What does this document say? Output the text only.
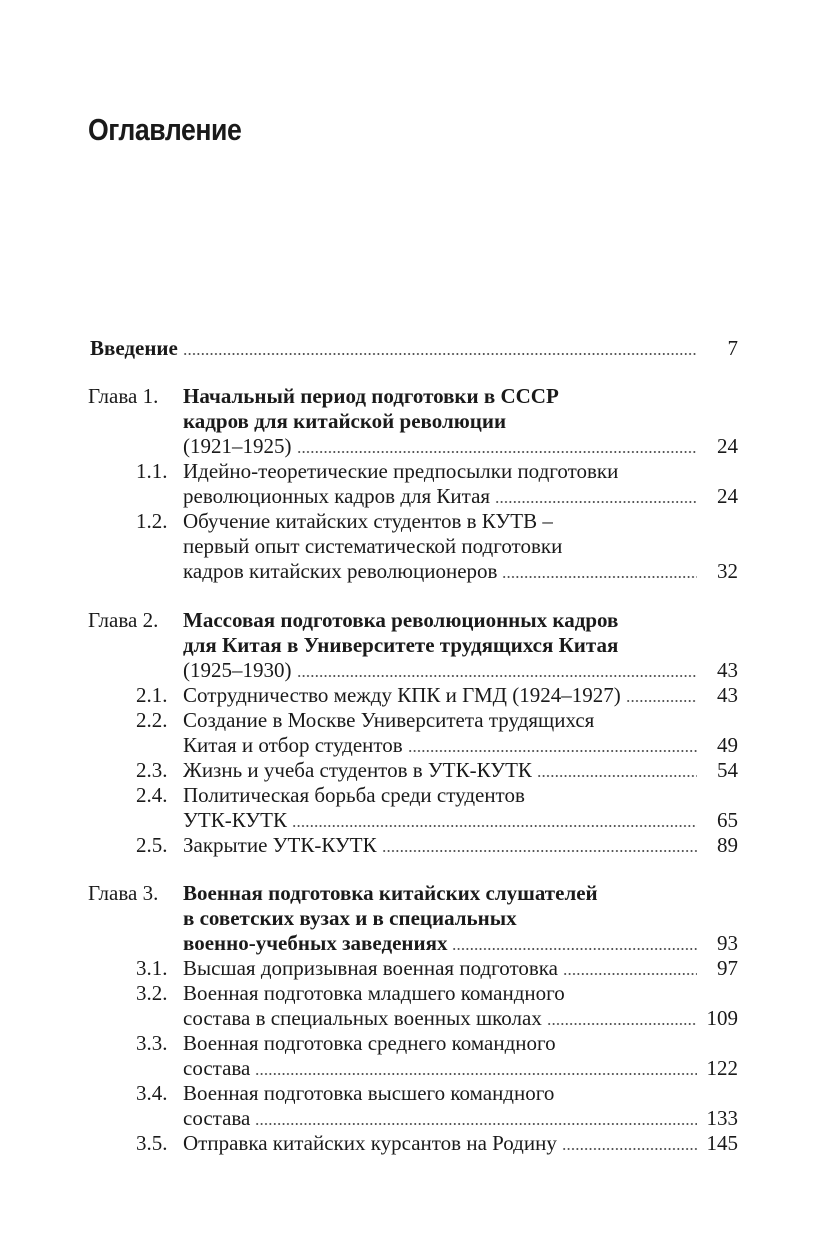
Оглавление
Введение	7
Глава 1. Начальный период подготовки в СССР
кадров для китайской революции
(1921–1925)	24
1.1. Идейно-теоретические предпосылки подготовки
революционных кадров для Китая	24
1.2. Обучение китайских студентов в КУТВ –
первый опыт систематической подготовки
кадров китайских революционеров	32
Глава 2. Массовая подготовка революционных кадров
для Китая в Университете трудящихся Китая
(1925–1930)	43
2.1. Сотрудничество между КПК и ГМД (1924–1927)	43
2.2. Создание в Москве Университета трудящихся
Китая и отбор студентов	49
2.3. Жизнь и учеба студентов в УТК-КУТК	54
2.4. Политическая борьба среди студентов
УТК-КУТК	65
2.5. Закрытие УТК-КУТК	89
Глава 3. Военная подготовка китайских слушателей
в советских вузах и в специальных
военно-учебных заведениях	93
3.1. Высшая допризывная военная подготовка	97
3.2. Военная подготовка младшего командного
состава в специальных военных школах	109
3.3. Военная подготовка среднего командного
состава	122
3.4. Военная подготовка высшего командного
состава	133
3.5. Отправка китайских курсантов на Родину	145
